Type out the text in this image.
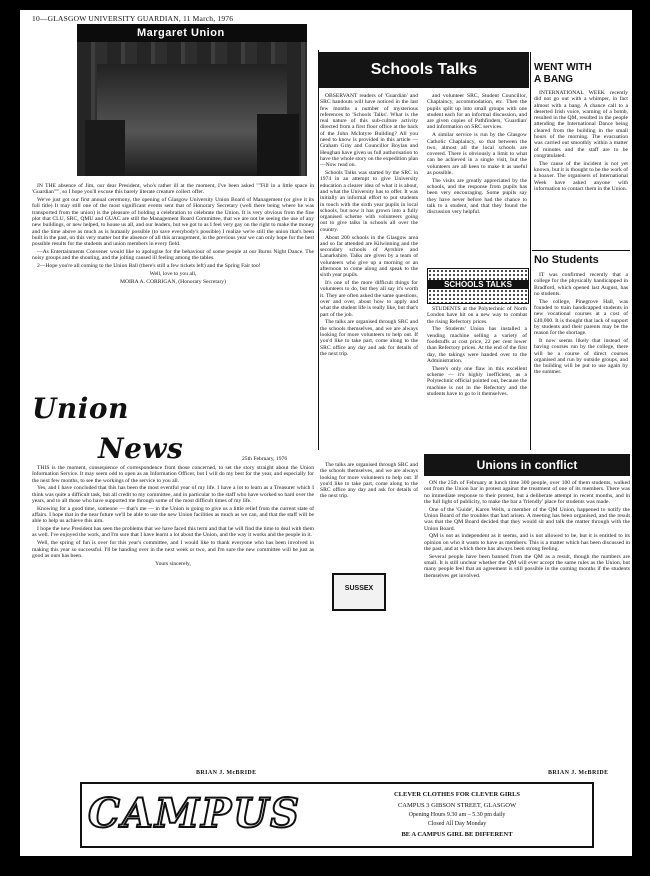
10—GLASGOW UNIVERSITY GUARDIAN, 11 March, 1976
Margaret Union

IN THE absence of Jim, our dear President, who's rather ill at the moment, I've been asked ""Fill in a little space in 'Guardian'"", so I hope you'll excuse this barely literate creature collect offer.

We've just got our first annual ceremony, the opening of Glasgow University Union Board of Management (or give it its full title) It may still one of the most significant events sent that of Honorary Secretary (well there being where he was transported from the union) is the pleasure of holding a celebration to celebrate the Union. It is very obvious from the fine plot that CLU, SRC, QMU and GUAC are still the Management Board Committee, that we are not be seeing the use of any new buildings, or new helped, to house us all, and our leaders, but we got to as I feel very gay on the right to make the money and the time above as much as is humanly possible (to save everybody's possible) I realize we're still the union that's been built in the past, on this very matter but the absence of all this arrangement, in the previous year we can only hope for the best possible results for the students and union members in every field.

—As Entertainments Convener would like to apologise for the behaviour of some people at our Burns Night Dance. The noisy groups and the shouting, and the jolting caused ill feeling among the tables.

2—Hope you're all coming to the Union Ball (there's still a few tickets left) and the Spring Fair too!

Well, love to you all,

MOIRA A. CORRIGAN, (Honorary Secretary)

Union
News	25th February, 1976

THIS is the moment, consequence of correspondence from those concerned, to set the story straight about the Union Information Service. It may seem odd to open as an Information Officer, but I will do my best for the year, and especially for the next few months, to see the workings of the service to you all.

Yes, and I have concluded that this has been the most eventful year of my life. I have a lot to learn as a Treasurer which I think was quite a difficult task, but all credit to my committee, and in particular to the staff who have worked so hard over the years, and to all those who have supported me through some of the most difficult times of my life.

Knowing for a good time, someone — that's me — in the Union is going to give us a little relief from the current state of affairs. I hope that in the near future we'll be able to use the new Union facilities as much as we can, and that the staff will be able to help us achieve this aim.

I hope the new President has seen the problems that we have faced this term and that he will find the time to deal with them as well. I've enjoyed the work, and I'm sure that I have learnt a lot about the Union, and the way it works and the people in it.

Well, the spring of fun is over for this year's committee, and I would like to thank everyone who has been involved in making this year so successful. I'll be handing over in the next week or two, and I'm sure the new committee will be just as good as ours has been.

Yours sincerely,

BRIAN J. McBRIDE
Schools Talks

OBSERVANT readers of 'Guardian' and SRC handouts will have noticed in the last few months a number of mysterious references to 'Schools Talks'. What is the real nature of this sub-culture activity directed from a first floor office at the back of the John McIntyre Building? All you need to know is provided in this article — Graham Gray and Councillor Boylan and Heughan have given us full authorisation to have the whole story on the expedition plan—Now read on.

Schools Talks was started by the SRC in 1974 in an attempt to give University education a clearer idea of what it is about, and what the University has to offer. It was initially an informal effort to put students in touch with the sixth year pupils in local schools, but now it has grown into a fully organised scheme with volunteers going out to give talks in schools all over the country.

About 200 schools in the Glasgow area and so far attended are Kilwinning and the secondary schools of Ayrshire and Lanarkshire. Talks are given by a team of volunteers who give up a morning or an afternoon to come along and speak to the sixth year pupils.

It's one of the more difficult things for volunteers to do, but they all say it's worth it. They are often asked the same questions, over and over, about how to apply and what the student life is really like, but that's part of the job.

The talks are organised through SRC and the schools themselves, and we are always looking for more volunteers to help out. If you'd like to take part, come along to the SRC office any day and ask for details of the next trip.

and volunteer SRC, Student Councillor, Chaplaincy, accommodation, etc. Then the pupils split up into small groups with one student each for an informal discussion, and are given copies of Pathfinders, 'Guardian' and information on SRC services.

A similar service is run by the Glasgow Catholic Chaplaincy, so that between the two, almost all the local schools are covered. There is obviously a limit to what can be achieved in a single visit, but the volunteers are all keen to make it as useful as possible.

The visits are greatly appreciated by the schools, and the response from pupils has been very encouraging. Some pupils say they have never before had the chance to talk to a student, and that they found the discussion very helpful.

SCHOOLS TALKS

STUDENTS at the Polytechnic of North London have hit on a new way to combat the rising Refectory prices.

The Students' Union has installed a vending machine selling a variety of foodstuffs at cost price, 22 per cent lower than Refectory prices. At the end of the first day, the takings were handed over to the Administration.

There's only one flaw in this excellent scheme — it's highly inefficient, as a Polytechnic official pointed out, because the machine is not in the Refectory and the students have to go to it themselves.

WENT WITH
A BANG

INTERNATIONAL WEEK recently did not go out with a whimper, in fact almost with a bang. A chance call to a deserted Irish voice, warning of a bomb, resulted in the QM, resulted in the people attending the International Dance being cleared from the building in the small hours of the morning. The evacuation was carried out smoothly within a matter of minutes and the staff are to be congratulated.

The cause of the incident is not yet known, but it is thought to be the work of a hoaxer. The organisers of International Week have asked anyone with information to contact them in the Union.

No Students

IT was confirmed recently that a college for the physically handicapped in Bradford, which opened last August, has no students.

The college, Pinegrove Hall, was founded to train handicapped students in new vocational courses at a cost of £40,000. It is thought that lack of support by students and their parents may be the reason for the shortage.

It now seems likely that instead of having courses run by the college, there will be a course of direct courses organised and run by outside groups, and the building will be put to use again by the summer.

Unions in conflict

The talks are organised through SRC and the schools themselves, and we are always looking for more volunteers to help out. If you'd like to take part, come along to the SRC office any day and ask for details of the next trip.

SUSSEX

ON the 25th of February at lunch time 300 people, over 100 of them students, walked out from the Union bar in protest against the treatment of one of its members. There was no immediate response to their protest, but a deliberate attempt in recent months, and in the full light of publicity, to make the bar a 'friendly' place for students was made.

One of the 'Guide', Karen Wells, a member of the QM Union, happened to notify the Union Board of the troubles that had arisen. A meeting has been organised, and the result was that the QM Board decided that they would sit and talk the matter through with the Union Board.

QM is not as independent as it seems, and is not allowed to be, but it is entitled to its opinion on who it wants to have as members. This is a matter which has been discussed in the past, and at which there has always been strong feeling.

Several people have been banned from the QM as a result, though the numbers are small. It is still unclear whether the QM will ever accept the same rules as the Union, but many people feel that an agreement is still possible in the coming months if the students themselves get involved.

BRIAN J. McBRIDE
CAMPUS	CLEVER CLOTHES FOR CLEVER GIRLS
CAMPUS 3 GIBSON STREET, GLASGOW
Opening Hours 9.30 am – 5.30 pm daily
Closed All Day Monday
BE A CAMPUS GIRL BE DIFFERENT
